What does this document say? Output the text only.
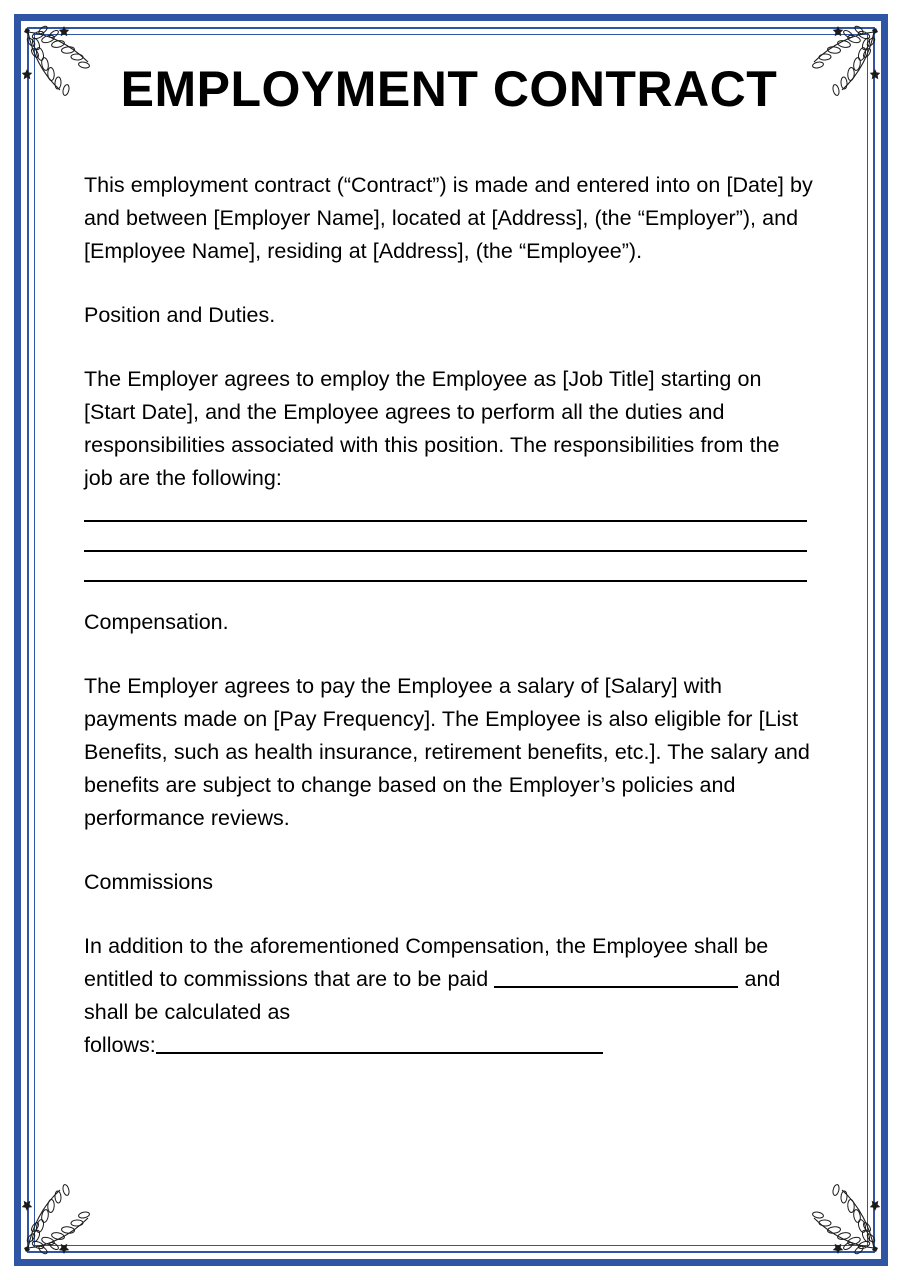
EMPLOYMENT CONTRACT

This employment contract (“Contract”) is made and entered into on [Date] by and between [Employer Name], located at [Address], (the “Employer”), and [Employee Name], residing at [Address], (the “Employee”).

Position and Duties.

The Employer agrees to employ the Employee as [Job Title] starting on [Start Date], and the Employee agrees to perform all the duties and responsibilities associated with this position. The responsibilities from the job are the following:

Compensation.

The Employer agrees to pay the Employee a salary of [Salary] with payments made on [Pay Frequency]. The Employee is also eligible for [List Benefits, such as health insurance, retirement benefits, etc.]. The salary and benefits are subject to change based on the Employer’s policies and performance reviews.

Commissions

In addition to the aforementioned Compensation, the Employee shall be entitled to commissions that are to be paid	and shall be calculated as
follows:
